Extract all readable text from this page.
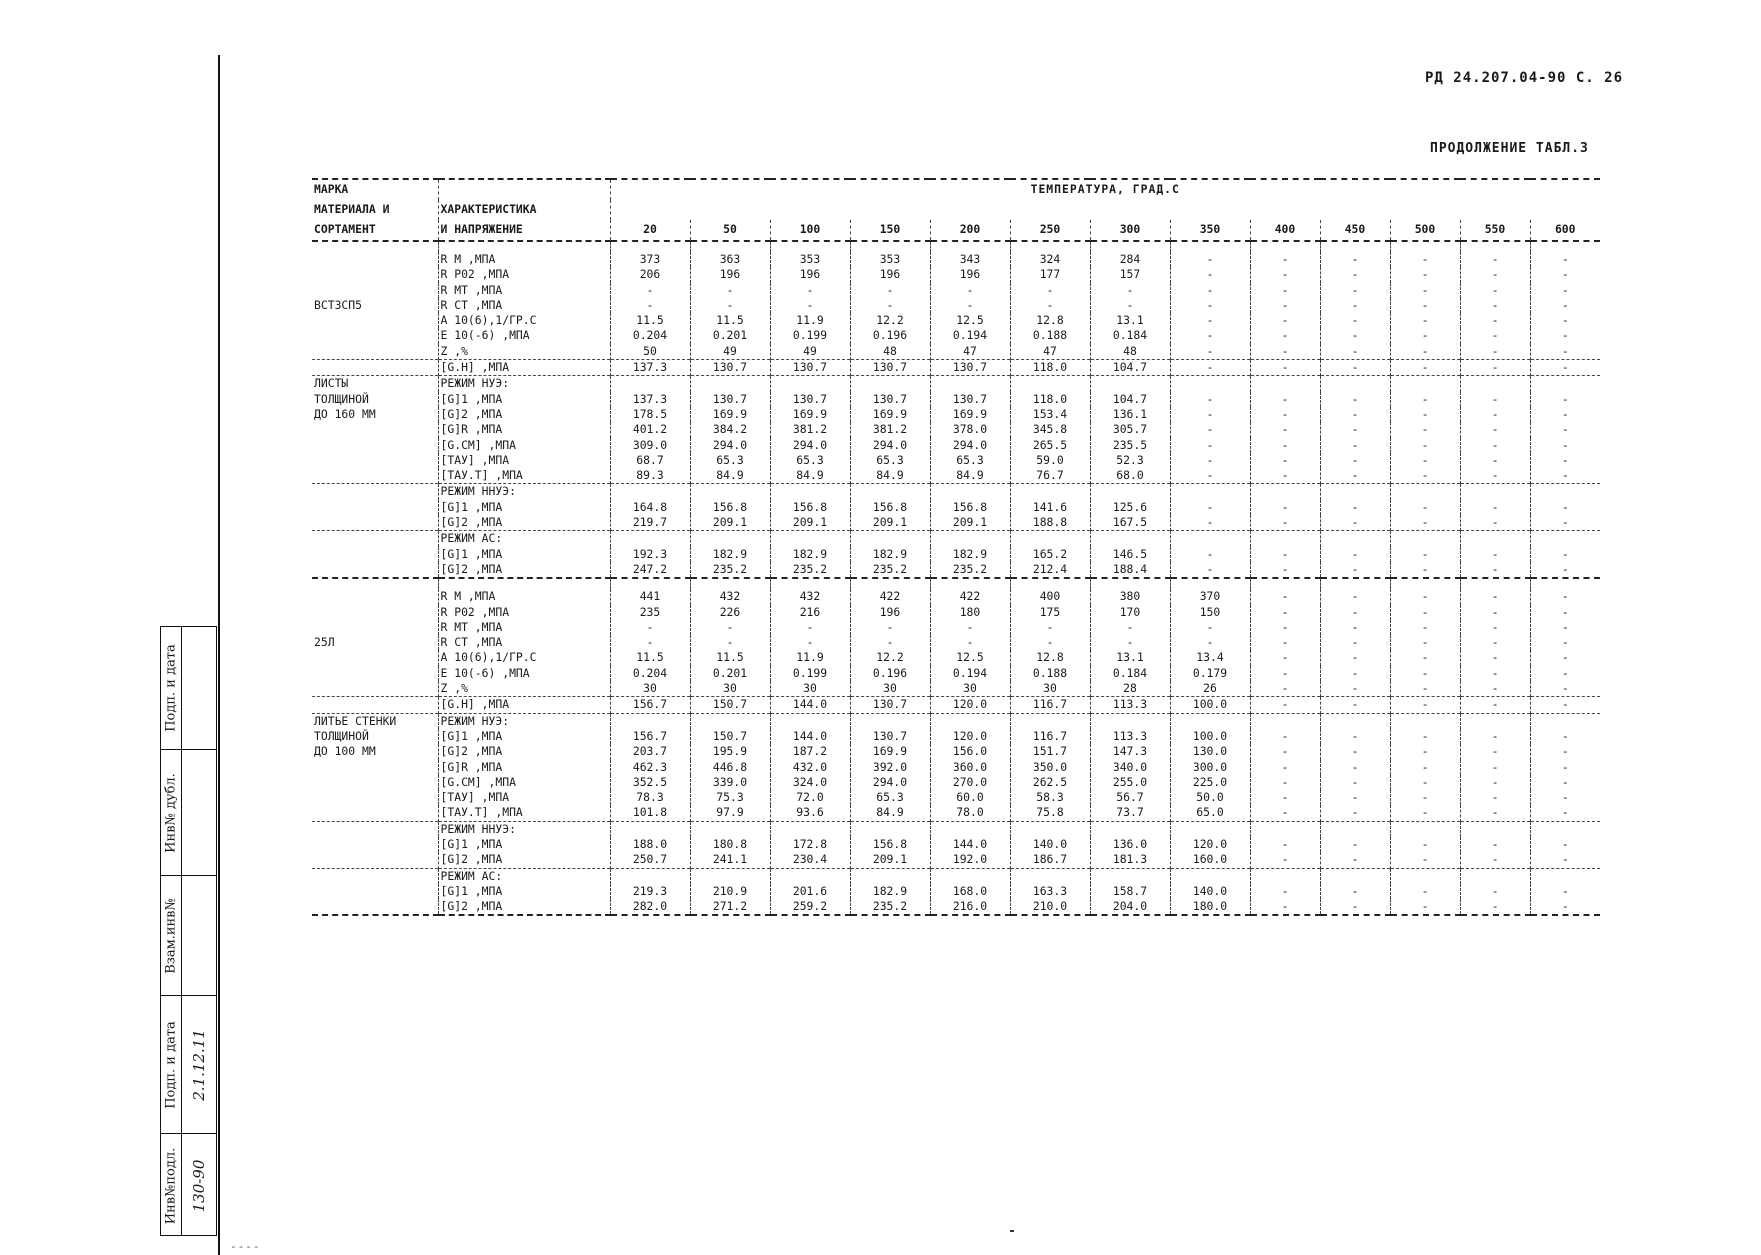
РД 24.207.04-90 С. 26
ПРОДОЛЖЕНИЕ ТАБЛ.3
Подп. и дата
Инв№ дубл.
Взам.инв№
Подп. и дата 2.1.12.11
Инв№подл. 130-90
МАРКА		ТЕМПЕРАТУРА, ГРАД.С												
МАТЕРИАЛА И	ХАРАКТЕРИСТИКА													
СОРТАМЕНТ	И НАПРЯЖЕНИЕ	20	50	100	150	200	250	300	350	400	450	500	550	600

	R M ,МПА	373	363	353	353	343	324	284	-	-	-	-	-	-
	R P02 ,МПА	206	196	196	196	196	177	157	-	-	-	-	-	-
	R MT ,МПА	-	-	-	-	-	-	-	-	-	-	-	-	-
ВСТ3СП5	R CT ,МПА	-	-	-	-	-	-	-	-	-	-	-	-	-
	A 10(6),1/ГР.С	11.5	11.5	11.9	12.2	12.5	12.8	13.1	-	-	-	-	-	-
	E 10(-6) ,МПА	0.204	0.201	0.199	0.196	0.194	0.188	0.184	-	-	-	-	-	-
	Z ,%	50	49	49	48	47	47	48	-	-	-	-	-	-
	[G.H] ,МПА	137.3	130.7	130.7	130.7	130.7	118.0	104.7	-	-	-	-	-	-
ЛИСТЫ	РЕЖИМ НУЭ:													
ТОЛЩИНОЙ	[G]1 ,МПА	137.3	130.7	130.7	130.7	130.7	118.0	104.7	-	-	-	-	-	-
ДО 160 ММ	[G]2 ,МПА	178.5	169.9	169.9	169.9	169.9	153.4	136.1	-	-	-	-	-	-
	[G]R ,МПА	401.2	384.2	381.2	381.2	378.0	345.8	305.7	-	-	-	-	-	-
	[G.CM] ,МПА	309.0	294.0	294.0	294.0	294.0	265.5	235.5	-	-	-	-	-	-
	[ТАУ] ,МПА	68.7	65.3	65.3	65.3	65.3	59.0	52.3	-	-	-	-	-	-
	[ТАУ.Т] ,МПА	89.3	84.9	84.9	84.9	84.9	76.7	68.0	-	-	-	-	-	-
	РЕЖИМ ННУЭ:													
	[G]1 ,МПА	164.8	156.8	156.8	156.8	156.8	141.6	125.6	-	-	-	-	-	-
	[G]2 ,МПА	219.7	209.1	209.1	209.1	209.1	188.8	167.5	-	-	-	-	-	-
	РЕЖИМ АС:													
	[G]1 ,МПА	192.3	182.9	182.9	182.9	182.9	165.2	146.5	-	-	-	-	-	-
	[G]2 ,МПА	247.2	235.2	235.2	235.2	235.2	212.4	188.4	-	-	-	-	-	-

	R M ,МПА	441	432	432	422	422	400	380	370	-	-	-	-	-
	R P02 ,МПА	235	226	216	196	180	175	170	150	-	-	-	-	-
	R MT ,МПА	-	-	-	-	-	-	-	-	-	-	-	-	-
25Л	R CT ,МПА	-	-	-	-	-	-	-	-	-	-	-	-	-
	A 10(6),1/ГР.С	11.5	11.5	11.9	12.2	12.5	12.8	13.1	13.4	-	-	-	-	-
	E 10(-6) ,МПА	0.204	0.201	0.199	0.196	0.194	0.188	0.184	0.179	-	-	-	-	-
	Z ,%	30	30	30	30	30	30	28	26	-	-	-	-	-
	[G.H] ,МПА	156.7	150.7	144.0	130.7	120.0	116.7	113.3	100.0	-	-	-	-	-
ЛИТЬЕ СТЕНКИ	РЕЖИМ НУЭ:													
ТОЛЩИНОЙ	[G]1 ,МПА	156.7	150.7	144.0	130.7	120.0	116.7	113.3	100.0	-	-	-	-	-
ДО 100 ММ	[G]2 ,МПА	203.7	195.9	187.2	169.9	156.0	151.7	147.3	130.0	-	-	-	-	-
	[G]R ,МПА	462.3	446.8	432.0	392.0	360.0	350.0	340.0	300.0	-	-	-	-	-
	[G.CM] ,МПА	352.5	339.0	324.0	294.0	270.0	262.5	255.0	225.0	-	-	-	-	-
	[ТАУ] ,МПА	78.3	75.3	72.0	65.3	60.0	58.3	56.7	50.0	-	-	-	-	-
	[ТАУ.Т] ,МПА	101.8	97.9	93.6	84.9	78.0	75.8	73.7	65.0	-	-	-	-	-
	РЕЖИМ ННУЭ:													
	[G]1 ,МПА	188.0	180.8	172.8	156.8	144.0	140.0	136.0	120.0	-	-	-	-	-
	[G]2 ,МПА	250.7	241.1	230.4	209.1	192.0	186.7	181.3	160.0	-	-	-	-	-
	РЕЖИМ АС:													
	[G]1 ,МПА	219.3	210.9	201.6	182.9	168.0	163.3	158.7	140.0	-	-	-	-	-
	[G]2 ,МПА	282.0	271.2	259.2	235.2	216.0	210.0	204.0	180.0	-	-	-	-	-
----
